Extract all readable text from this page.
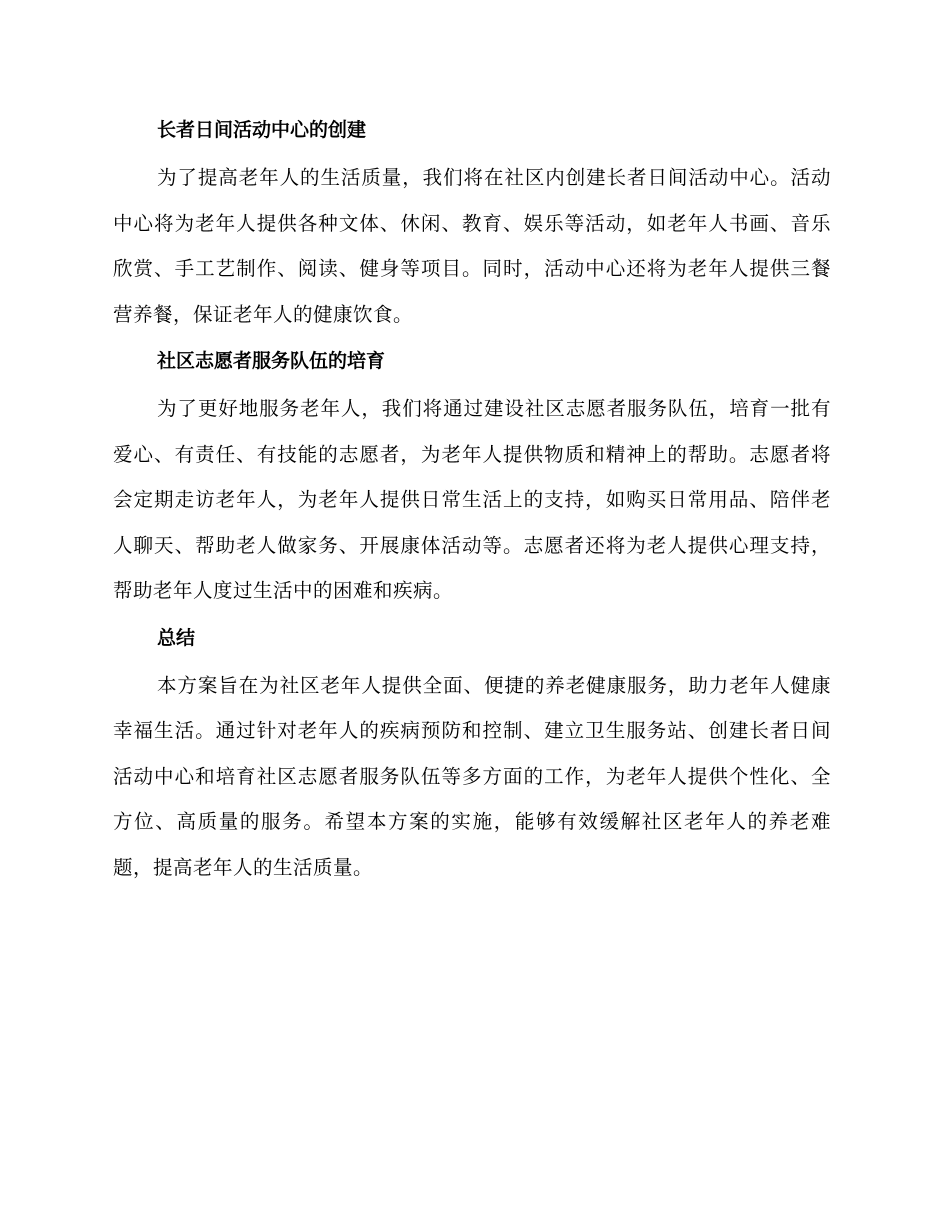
长者日间活动中心的创建

为了提高老年人的生活质量，我们将在社区内创建长者日间活动中心。活动中心将为老年人提供各种文体、休闲、教育、娱乐等活动，如老年人书画、音乐欣赏、手工艺制作、阅读、健身等项目。同时，活动中心还将为老年人提供三餐营养餐，保证老年人的健康饮食。

社区志愿者服务队伍的培育

为了更好地服务老年人，我们将通过建设社区志愿者服务队伍，培育一批有爱心、有责任、有技能的志愿者，为老年人提供物质和精神上的帮助。志愿者将会定期走访老年人，为老年人提供日常生活上的支持，如购买日常用品、陪伴老人聊天、帮助老人做家务、开展康体活动等。志愿者还将为老人提供心理支持，帮助老年人度过生活中的困难和疾病。

总结

本方案旨在为社区老年人提供全面、便捷的养老健康服务，助力老年人健康幸福生活。通过针对老年人的疾病预防和控制、建立卫生服务站、创建长者日间活动中心和培育社区志愿者服务队伍等多方面的工作，为老年人提供个性化、全方位、高质量的服务。希望本方案的实施，能够有效缓解社区老年人的养老难题，提高老年人的生活质量。
